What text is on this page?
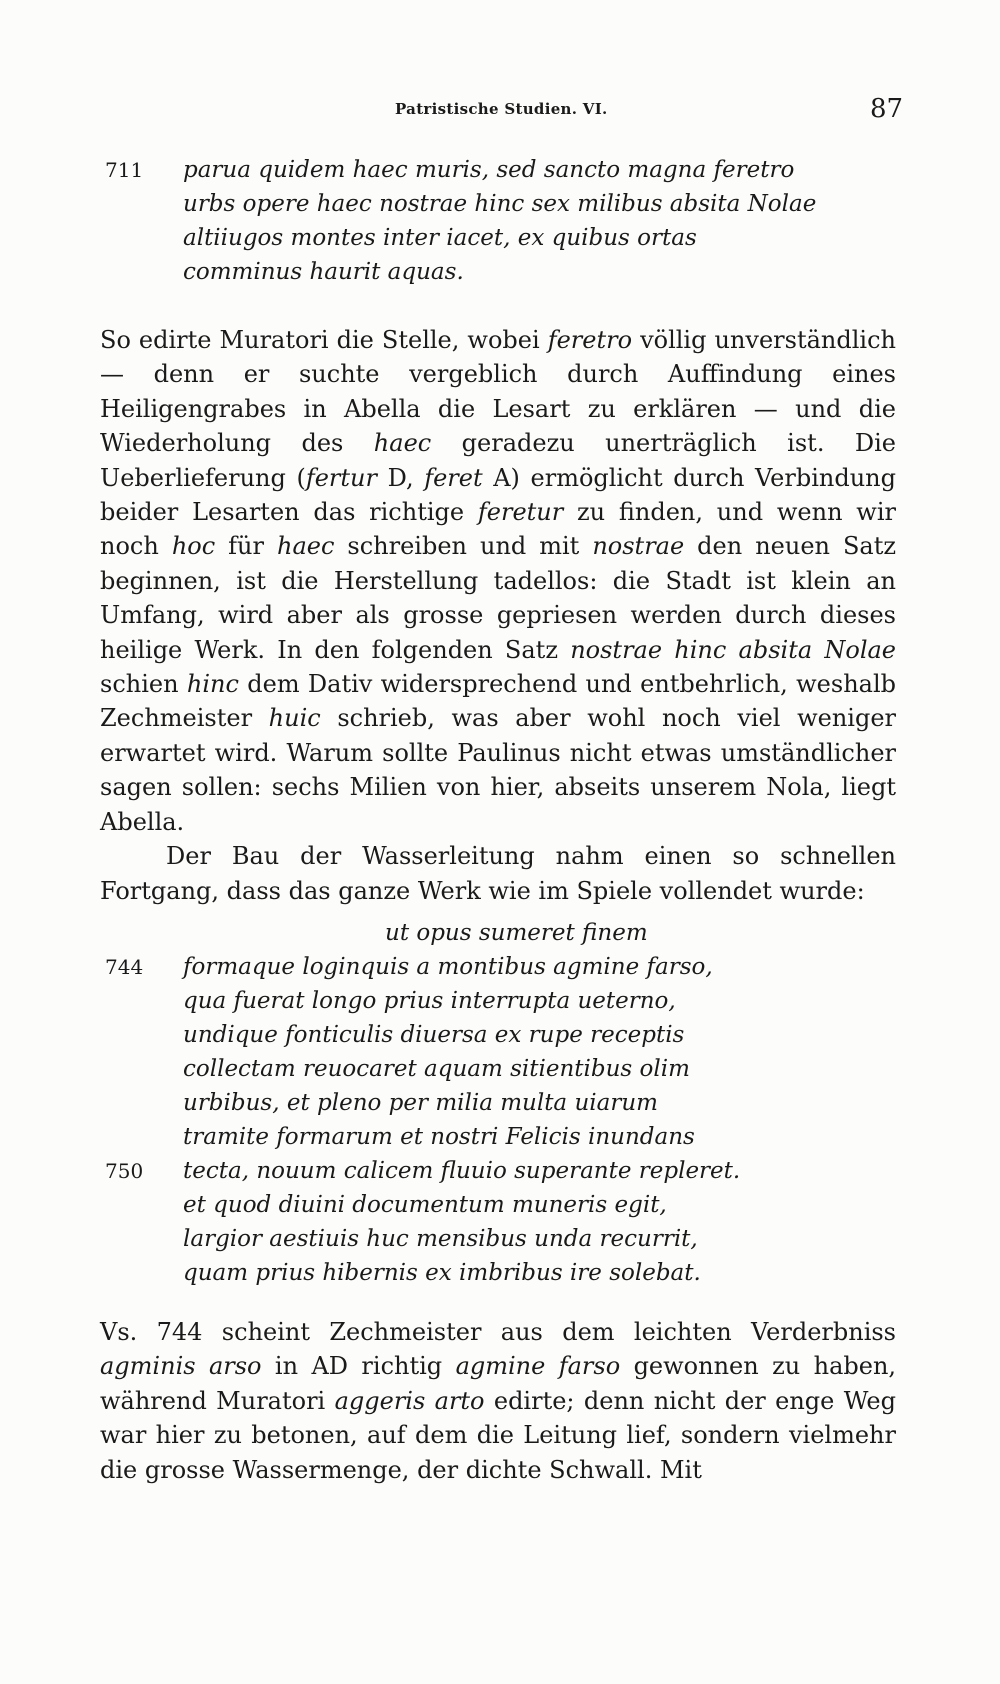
Patristische Studien. VI.	87
711	parua quidem haec muris, sed sancto magna feretro
urbs opere haec nostrae hinc sex milibus absita Nolae
altiiugos montes inter iacet, ex quibus ortas
comminus haurit aquas.

So edirte Muratori die Stelle, wobei feretro völlig unverständlich — denn er suchte vergeblich durch Auffindung eines Heiligengrabes in Abella die Lesart zu erklären — und die Wiederholung des haec geradezu unerträglich ist. Die Ueberlieferung (fertur D, feret A) ermöglicht durch Verbindung beider Lesarten das richtige feretur zu finden, und wenn wir noch hoc für haec schreiben und mit nostrae den neuen Satz beginnen, ist die Herstellung tadellos: die Stadt ist klein an Umfang, wird aber als grosse gepriesen werden durch dieses heilige Werk. In den folgenden Satz nostrae hinc absita Nolae schien hinc dem Dativ widersprechend und entbehrlich, weshalb Zechmeister huic schrieb, was aber wohl noch viel weniger erwartet wird. Warum sollte Paulinus nicht etwas umständlicher sagen sollen: sechs Milien von hier, abseits unserem Nola, liegt Abella.

Der Bau der Wasserleitung nahm einen so schnellen Fortgang, dass das ganze Werk wie im Spiele vollendet wurde:

ut opus sumeret finem
744	formaque loginquis a montibus agmine farso,
qua fuerat longo prius interrupta ueterno,
undique fonticulis diuersa ex rupe receptis
collectam reuocaret aquam sitientibus olim
urbibus, et pleno per milia multa uiarum
tramite formarum et nostri Felicis inundans
750	tecta, nouum calicem fluuio superante repleret.
et quod diuini documentum muneris egit,
largior aestiuis huc mensibus unda recurrit,
quam prius hibernis ex imbribus ire solebat.

Vs. 744 scheint Zechmeister aus dem leichten Verderbniss agminis arso in AD richtig agmine farso gewonnen zu haben, während Muratori aggeris arto edirte; denn nicht der enge Weg war hier zu betonen, auf dem die Leitung lief, sondern vielmehr die grosse Wassermenge, der dichte Schwall. Mit
